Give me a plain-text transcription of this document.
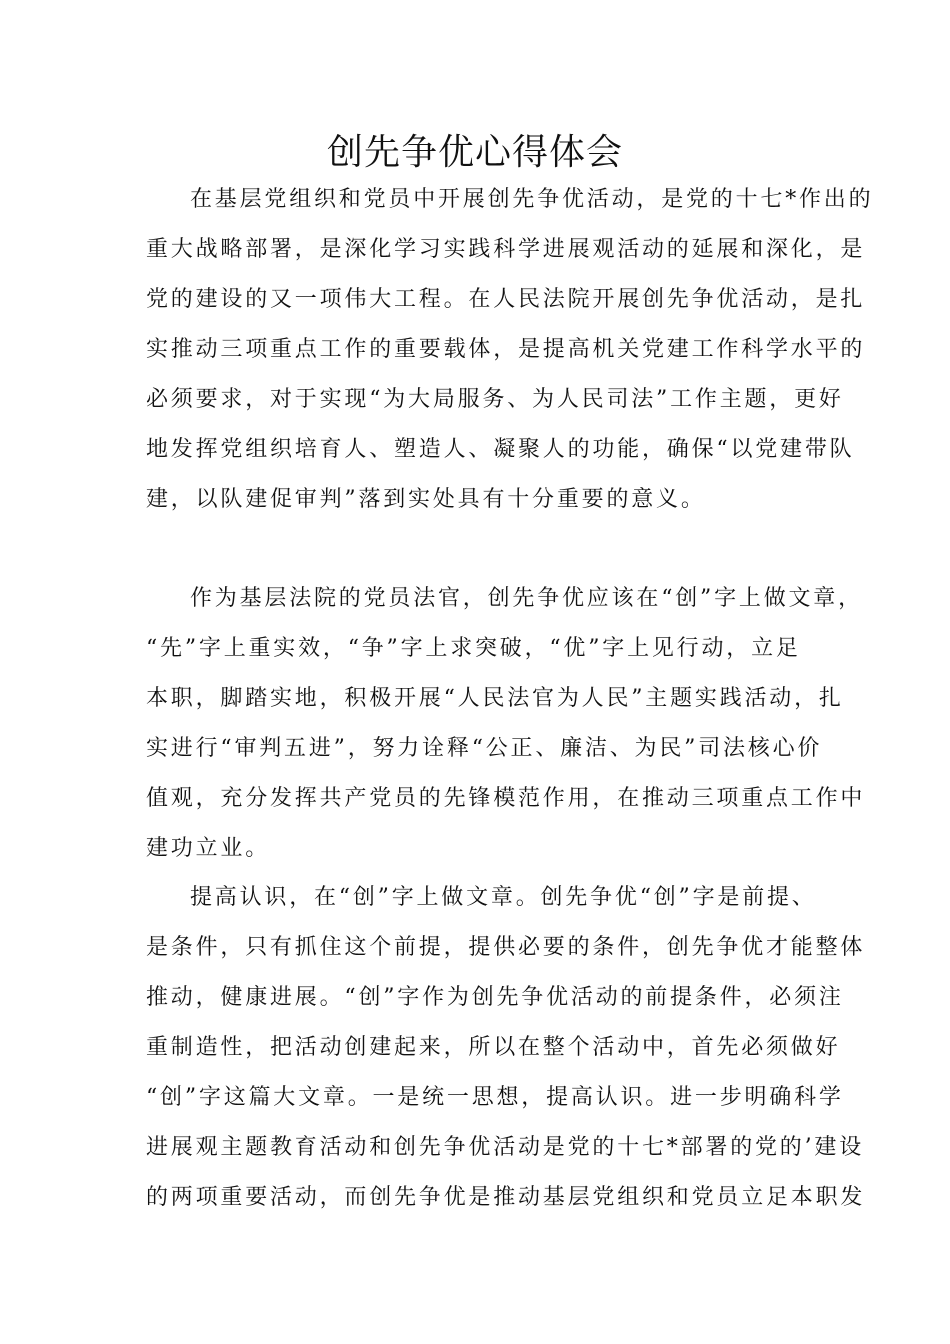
创先争优心得体会
在基层党组织和党员中开展创先争优活动，是党的十七*作出的
重大战略部署，是深化学习实践科学进展观活动的延展和深化，是
党的建设的又一项伟大工程。在人民法院开展创先争优活动，是扎
实推动三项重点工作的重要载体，是提高机关党建工作科学水平的
必须要求，对于实现“为大局服务、为人民司法”工作主题，更好
地发挥党组织培育人、塑造人、凝聚人的功能，确保“以党建带队
建，以队建促审判”落到实处具有十分重要的意义。
作为基层法院的党员法官，创先争优应该在“创”字上做文章，
“先”字上重实效，“争”字上求突破，“优”字上见行动，立足
本职，脚踏实地，积极开展“人民法官为人民”主题实践活动，扎
实进行“审判五进”，努力诠释“公正、廉洁、为民”司法核心价
值观，充分发挥共产党员的先锋模范作用，在推动三项重点工作中
建功立业。
提高认识，在“创”字上做文章。创先争优“创”字是前提、
是条件，只有抓住这个前提，提供必要的条件，创先争优才能整体
推动，健康进展。“创”字作为创先争优活动的前提条件，必须注
重制造性，把活动创建起来，所以在整个活动中，首先必须做好
“创”字这篇大文章。一是统一思想，提高认识。进一步明确科学
进展观主题教育活动和创先争优活动是党的十七*部署的党的’建设
的两项重要活动，而创先争优是推动基层党组织和党员立足本职发
